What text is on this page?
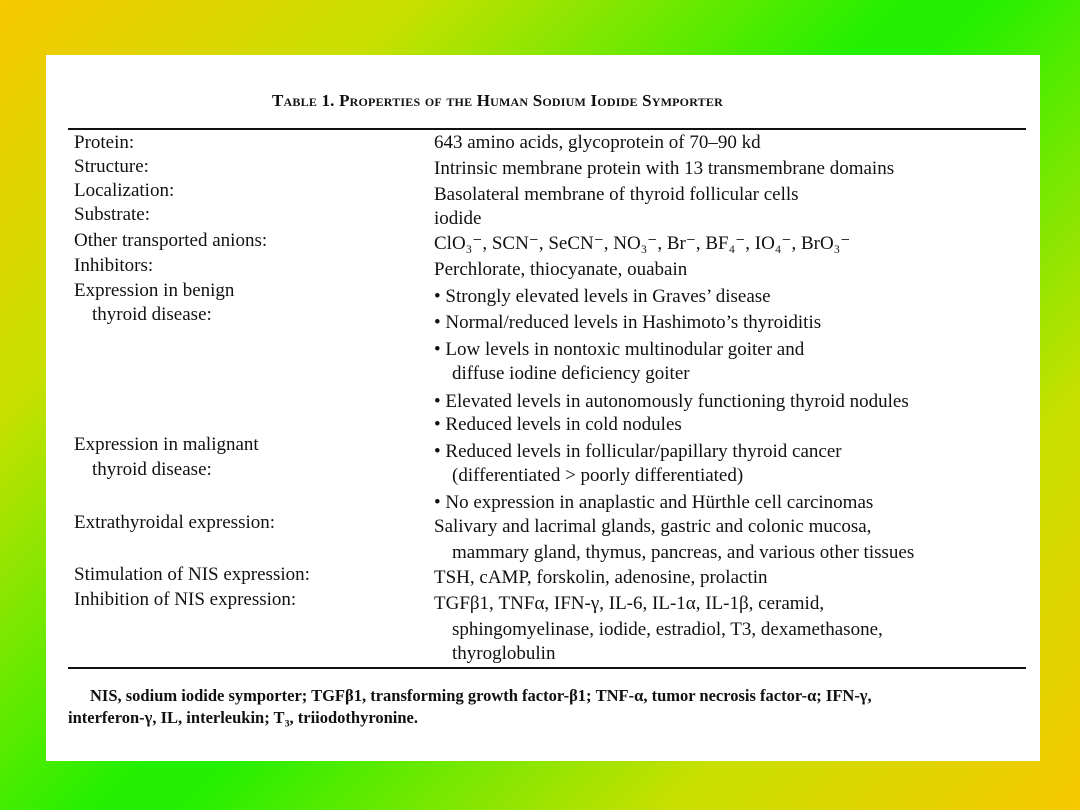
Table 1. Properties of the Human Sodium Iodide Symporter
Protein:
Structure:
Localization:
Substrate:
Other transported anions:
Inhibitors:
Expression in benign
thyroid disease:
Expression in malignant
thyroid disease:
Extrathyroidal expression:
Stimulation of NIS expression:
Inhibition of NIS expression:
643 amino acids, glycoprotein of 70–90 kd
Intrinsic membrane protein with 13 transmembrane domains
Basolateral membrane of thyroid follicular cells
iodide
ClO₃⁻, SCN⁻, SeCN⁻, NO₃⁻, Br⁻, BF₄⁻, IO₄⁻, BrO₃⁻
Perchlorate, thiocyanate, ouabain
• Strongly elevated levels in Graves’ disease
• Normal/reduced levels in Hashimoto’s thyroiditis
• Low levels in nontoxic multinodular goiter and
diffuse iodine deficiency goiter
• Elevated levels in autonomously functioning thyroid nodules
• Reduced levels in cold nodules
• Reduced levels in follicular/papillary thyroid cancer
(differentiated > poorly differentiated)
• No expression in anaplastic and Hürthle cell carcinomas
Salivary and lacrimal glands, gastric and colonic mucosa,
mammary gland, thymus, pancreas, and various other tissues
TSH, cAMP, forskolin, adenosine, prolactin
TGFβ1, TNFα, IFN-γ, IL-6, IL-1α, IL-1β, ceramid,
sphingomyelinase, iodide, estradiol, T3, dexamethasone,
thyroglobulin
NIS, sodium iodide symporter; TGFβ1, transforming growth factor-β1; TNF-α, tumor necrosis factor-α; IFN-γ,
interferon-γ, IL, interleukin; T₃, triiodothyronine.
